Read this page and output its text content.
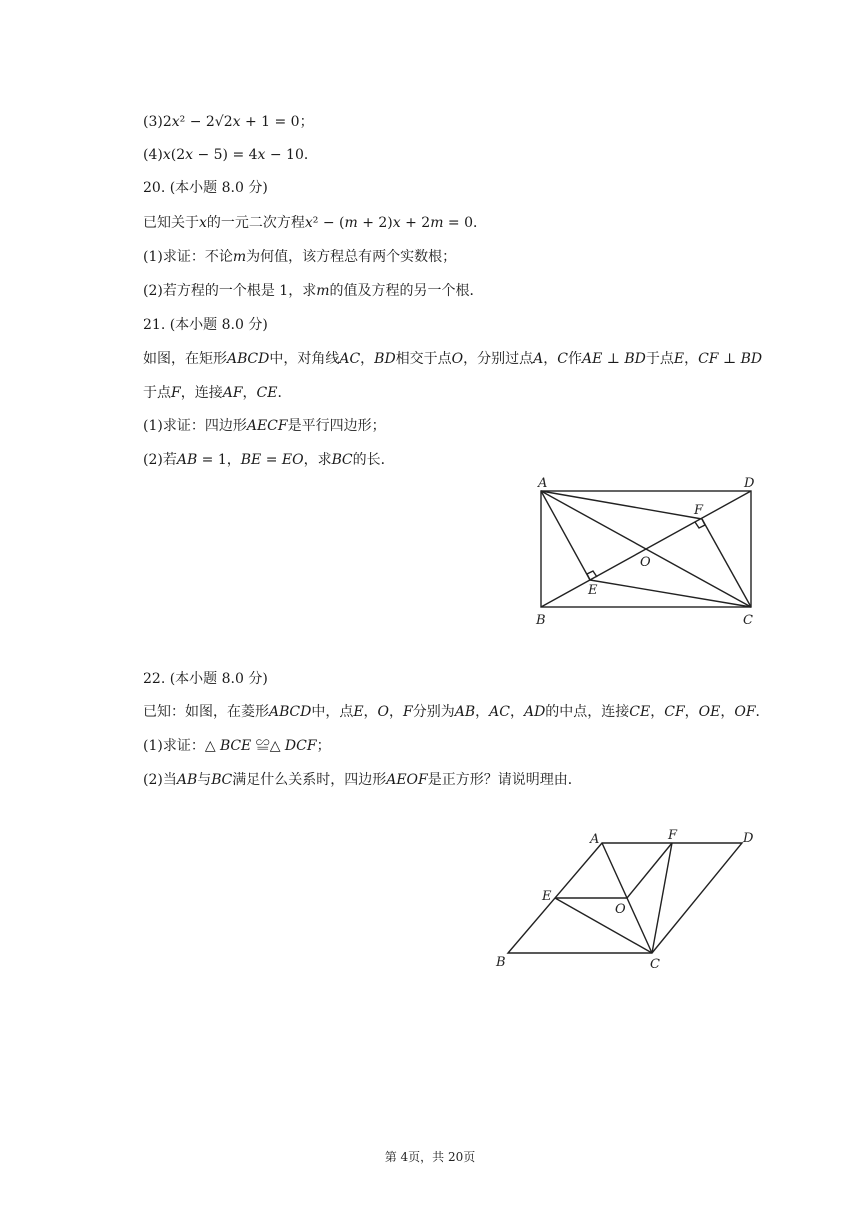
(3)2𝑥² − 2√2𝑥 + 1 = 0；
(4)𝑥(2𝑥 − 5) = 4𝑥 − 10．
20. (本小题 8.0 分)
已知关于𝑥的一元二次方程𝑥² − (𝑚 + 2)𝑥 + 2𝑚 = 0．
(1)求证：不论𝑚为何值，该方程总有两个实数根；
(2)若方程的一个根是 1，求𝑚的值及方程的另一个根．
21. (本小题 8.0 分)
如图，在矩形𝐴𝐵𝐶𝐷中，对角线𝐴𝐶，𝐵𝐷相交于点𝑂，分别过点𝐴，𝐶作𝐴𝐸 ⊥ 𝐵𝐷于点𝐸，𝐶𝐹 ⊥ 𝐵𝐷
于点𝐹，连接𝐴𝐹，𝐶𝐸．
(1)求证：四边形𝐴𝐸𝐶𝐹是平行四边形；
(2)若𝐴𝐵 = 1，𝐵𝐸 = 𝐸𝑂，求𝐵𝐶的长．
A	D
B	C
E
F
O
22. (本小题 8.0 分)
已知：如图，在菱形𝐴𝐵𝐶𝐷中，点𝐸，𝑂，𝐹分别为𝐴𝐵，𝐴𝐶，𝐴𝐷的中点，连接𝐶𝐸，𝐶𝐹，𝑂𝐸，𝑂𝐹．
(1)求证：△ 𝐵𝐶𝐸 ≌△ 𝐷𝐶𝐹；
(2)当𝐴𝐵与𝐵𝐶满足什么关系时，四边形𝐴𝐸𝑂𝐹是正方形？请说明理由．
A	F	D
E
O
B	C
第 4页，共 20页
